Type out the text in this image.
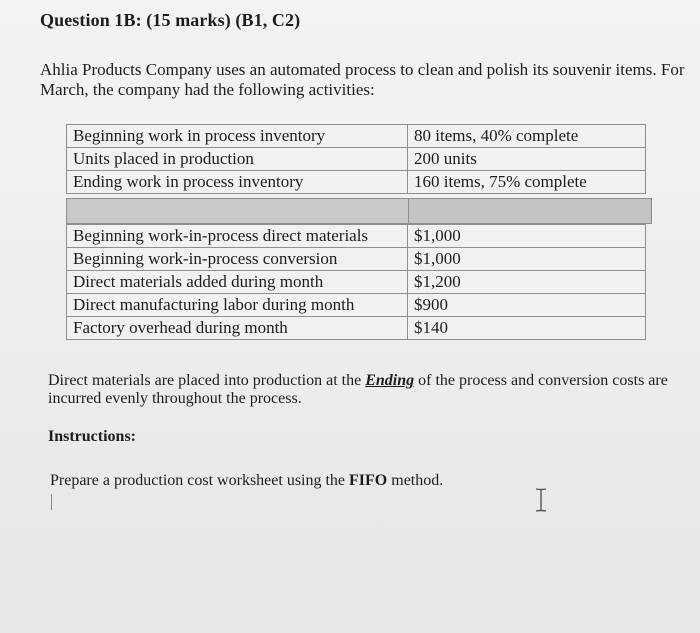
Question 1B: (15 marks) (B1, C2)
Ahlia Products Company uses an automated process to clean and polish its souvenir items. For March, the company had the following activities:
Beginning work in process inventory	80 items, 40% complete
Units placed in production	200 units
Ending work in process inventory	160 items, 75% complete
Beginning work-in-process direct materials	$1,000
Beginning work-in-process conversion	$1,000
Direct materials added during month	$1,200
Direct manufacturing labor during month	$900
Factory overhead during month	$140
Direct materials are placed into production at the Ending of the process and conversion costs are incurred evenly throughout the process.
Instructions:
Prepare a production cost worksheet using the FIFO method.
